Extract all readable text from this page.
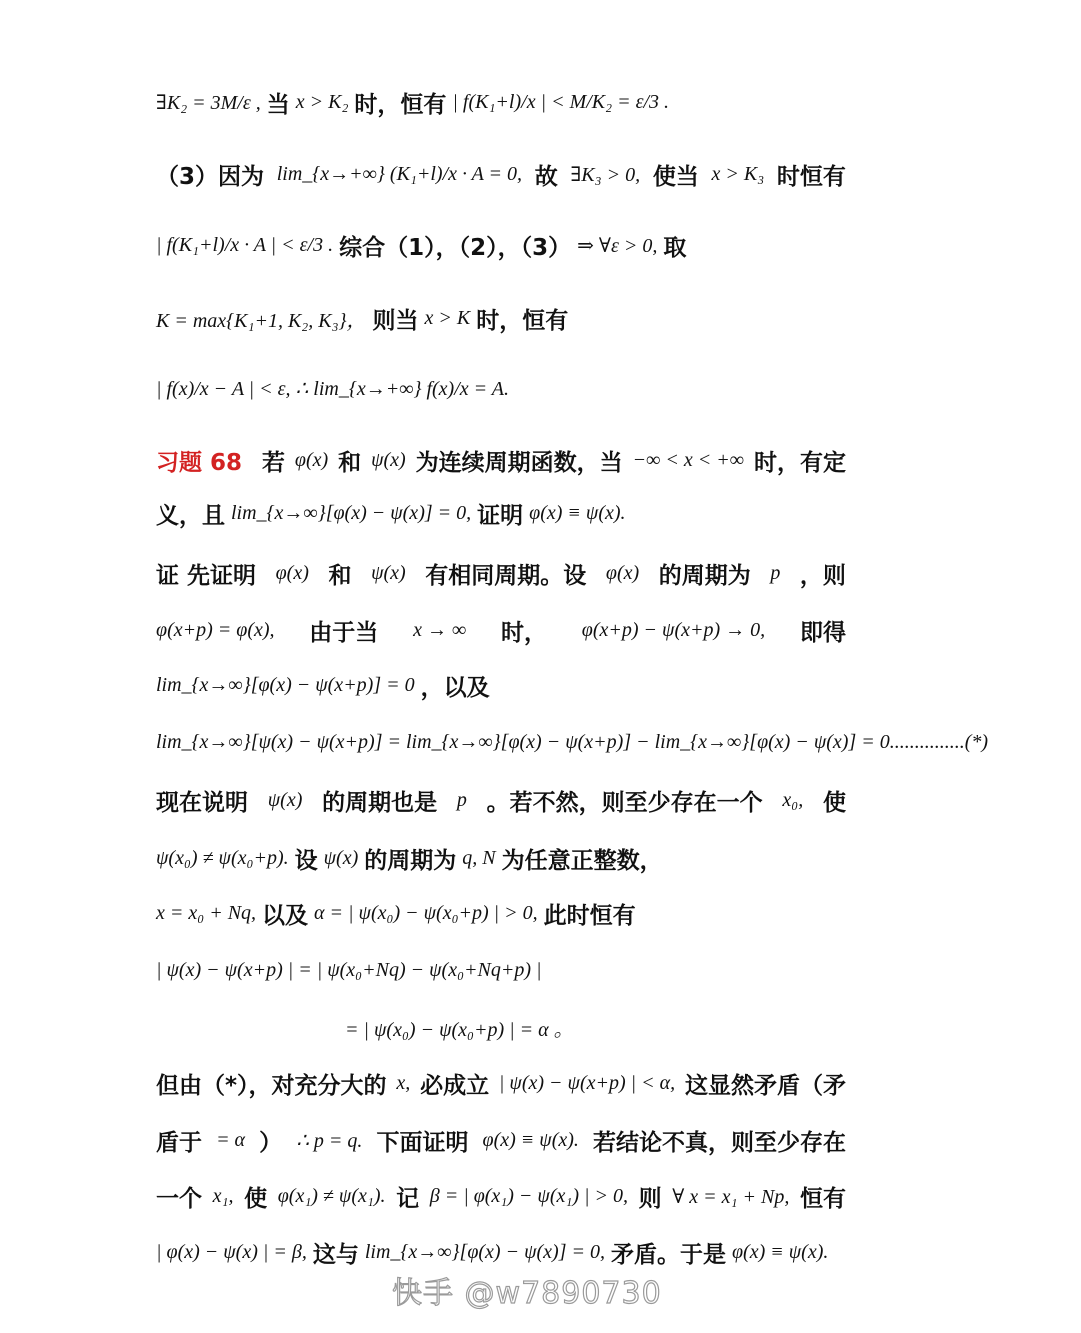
∃K₂ = 3M/ε , 当 x > K₂ 时，恒有 | f(K₁+l)/x | < M/K₂ = ε/3 .
（3）因为 lim_{x→+∞} (K₁+l)/x · A = 0, 故 ∃K₃ > 0, 使当 x > K₃ 时恒有
| f(K₁+l)/x · A | < ε/3 . 综合（1），（2），（3） ⇒ ∀ε > 0, 取
K = max{K₁+1, K₂, K₃}， 则当 x > K 时，恒有
| f(x)/x − A | < ε, ∴ lim_{x→+∞} f(x)/x = A.
习题 68 若 φ(x) 和 ψ(x) 为连续周期函数，当 −∞ < x < +∞ 时，有定
义，且 lim_{x→∞}[φ(x) − ψ(x)] = 0, 证明 φ(x) ≡ ψ(x).
证 先证明 φ(x) 和 ψ(x) 有相同周期。设 φ(x) 的周期为 p ，则
φ(x+p) = φ(x), 由于当 x → ∞ 时， φ(x+p) − ψ(x+p) → 0, 即得
lim_{x→∞}[φ(x) − ψ(x+p)] = 0 ，以及
lim_{x→∞}[ψ(x) − ψ(x+p)] = lim_{x→∞}[φ(x) − ψ(x+p)] − lim_{x→∞}[φ(x) − ψ(x)] = 0...............(*)
现在说明 ψ(x) 的周期也是 p 。若不然，则至少存在一个 x₀, 使
ψ(x₀) ≠ ψ(x₀+p). 设 ψ(x) 的周期为 q, N 为任意正整数，
x = x₀ + Nq, 以及 α = | ψ(x₀) − ψ(x₀+p) | > 0, 此时恒有
| ψ(x) − ψ(x+p) | = | ψ(x₀+Nq) − ψ(x₀+Nq+p) |
= | ψ(x₀) − ψ(x₀+p) | = α 。
但由（*），对充分大的 x, 必成立 | ψ(x) − ψ(x+p) | < α, 这显然矛盾（矛
盾于 = α ） ∴ p = q. 下面证明 φ(x) ≡ ψ(x). 若结论不真，则至少存在
一个 x₁, 使 φ(x₁) ≠ ψ(x₁). 记 β = | φ(x₁) − ψ(x₁) | > 0, 则 ∀ x = x₁ + Np, 恒有
| φ(x) − ψ(x) | = β, 这与 lim_{x→∞}[φ(x) − ψ(x)] = 0, 矛盾。于是 φ(x) ≡ ψ(x).
快手 @w7890730
